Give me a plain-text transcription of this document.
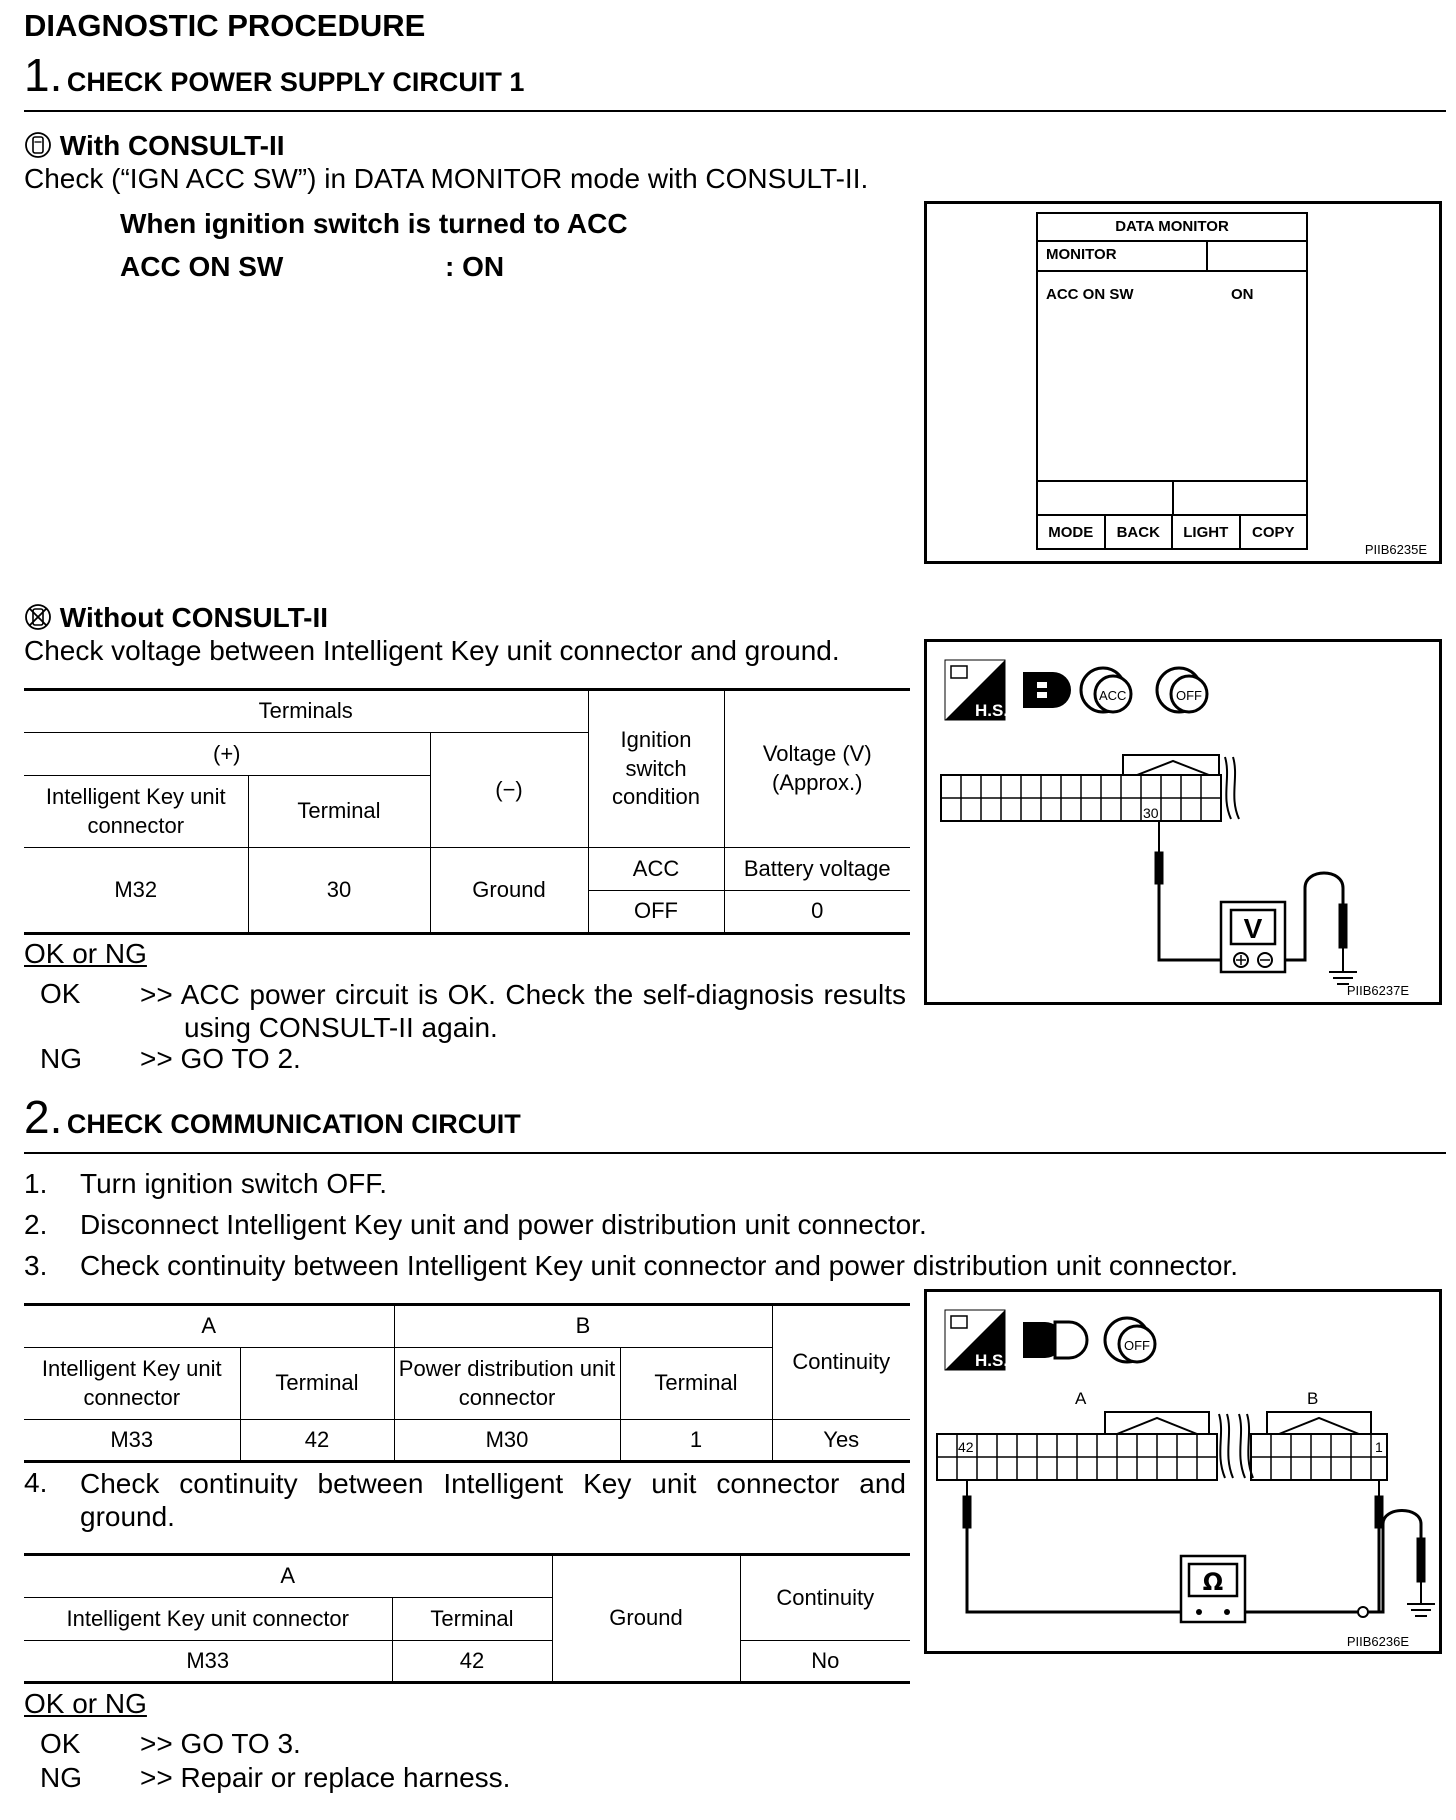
DIAGNOSTIC PROCEDURE
1. CHECK POWER SUPPLY CIRCUIT 1
With CONSULT-II
Check (“IGN ACC SW”) in DATA MONITOR mode with CONSULT-II.
When ignition switch is turned to ACC
ACC ON SW	: ON
DATA MONITOR
MONITOR
ACC ON SW	ON
MODE	BACK	LIGHT	COPY
PIIB6235E
Without CONSULT-II
Check voltage between Intelligent Key unit connector and ground.
Terminals			Ignition switch condition	Voltage (V) (Approx.)
(+)		(−)		
Intelligent Key unit connector	Terminal			
M32	30	Ground	ACC	Battery voltage
			OFF	0
H.S.
ACC	OFF
30
V
PIIB6237E
OK or NG
OK >> ACC power circuit is OK. Check the self-diagnosis results using CONSULT-II again.
NG >> GO TO 2.
2. CHECK COMMUNICATION CIRCUIT
1. Turn ignition switch OFF.
2. Disconnect Intelligent Key unit and power distribution unit connector.
3. Check continuity between Intelligent Key unit connector and power distribution unit connector.
A		B		Continuity
Intelligent Key unit connector	Terminal	Power distribution unit connector	Terminal	
M33	42	M30	1	Yes
4. Check continuity between Intelligent Key unit connector and ground.
A		Ground	Continuity
Intelligent Key unit connector	Terminal		
M33	42		No
H.S.
OFF
A	B
42	1
Ω
PIIB6236E
OK or NG
OK >> GO TO 3.
NG >> Repair or replace harness.
